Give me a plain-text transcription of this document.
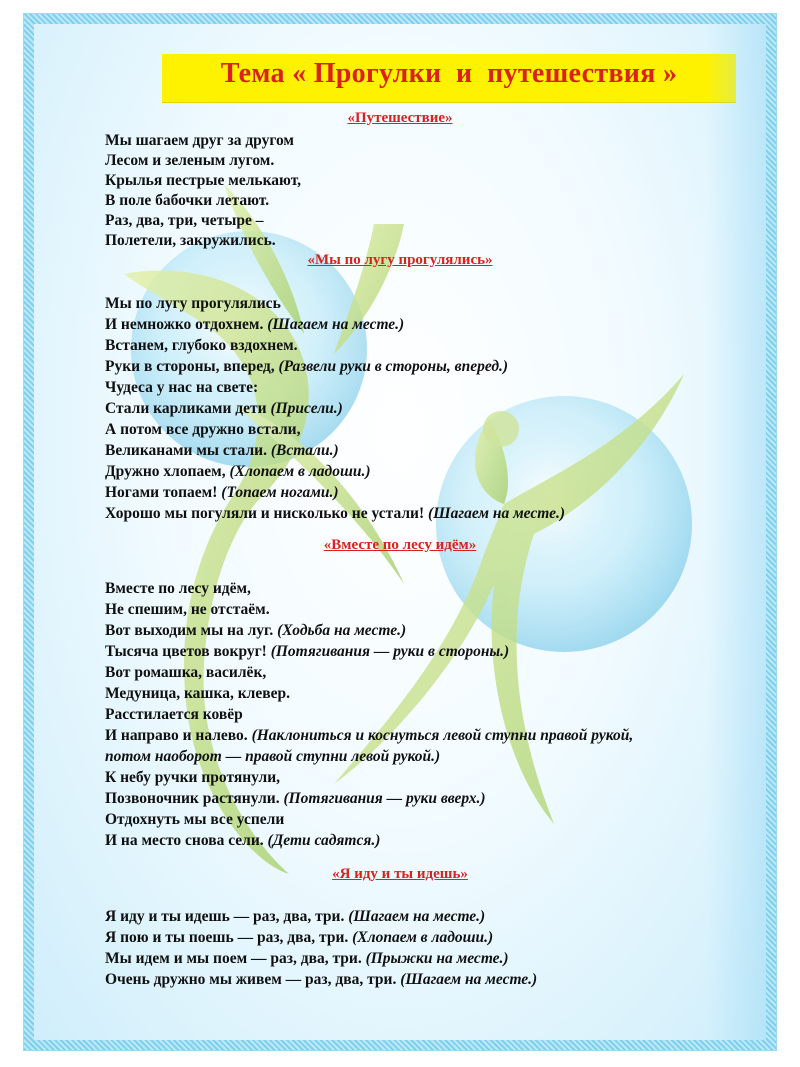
Тема « Прогулки  и  путешествия »
«Путешествие»
Мы шагаем друг за другом
Лесом и зеленым лугом.
Крылья пестрые мелькают,
В поле бабочки летают.
Раз, два, три, четыре –
Полетели, закружились.
«Мы по лугу прогулялись»
Мы по лугу прогулялись
И немножко отдохнем. (Шагаем на месте.)
Встанем, глубоко вздохнем.
Руки в стороны, вперед, (Развели руки в стороны, вперед.)
Чудеса у нас на свете:
Стали карликами дети (Присели.)
А потом все дружно встали,
Великанами мы стали. (Встали.)
Дружно хлопаем, (Хлопаем в ладоши.)
Ногами топаем! (Топаем ногами.)
Хорошо мы погуляли и нисколько не устали! (Шагаем на месте.)
«Вместе по лесу идём»
Вместе по лесу идём,
Не спешим, не отстаём.
Вот выходим мы на луг. (Ходьба на месте.)
Тысяча цветов вокруг! (Потягивания — руки в стороны.)
Вот ромашка, василёк,
Медуница, кашка, клевер.
Расстилается ковёр
И направо и налево. (Наклониться и коснуться левой ступни правой рукой,
потом наоборот — правой ступни левой рукой.)
К небу ручки протянули,
Позвоночник растянули. (Потягивания — руки вверх.)
Отдохнуть мы все успели
И на место снова сели. (Дети садятся.)
«Я иду и ты идешь»
Я иду и ты идешь — раз, два, три. (Шагаем на месте.)
Я пою и ты поешь — раз, два, три. (Хлопаем в ладоши.)
Мы идем и мы поем — раз, два, три. (Прыжки на месте.)
Очень дружно мы живем — раз, два, три. (Шагаем на месте.)
